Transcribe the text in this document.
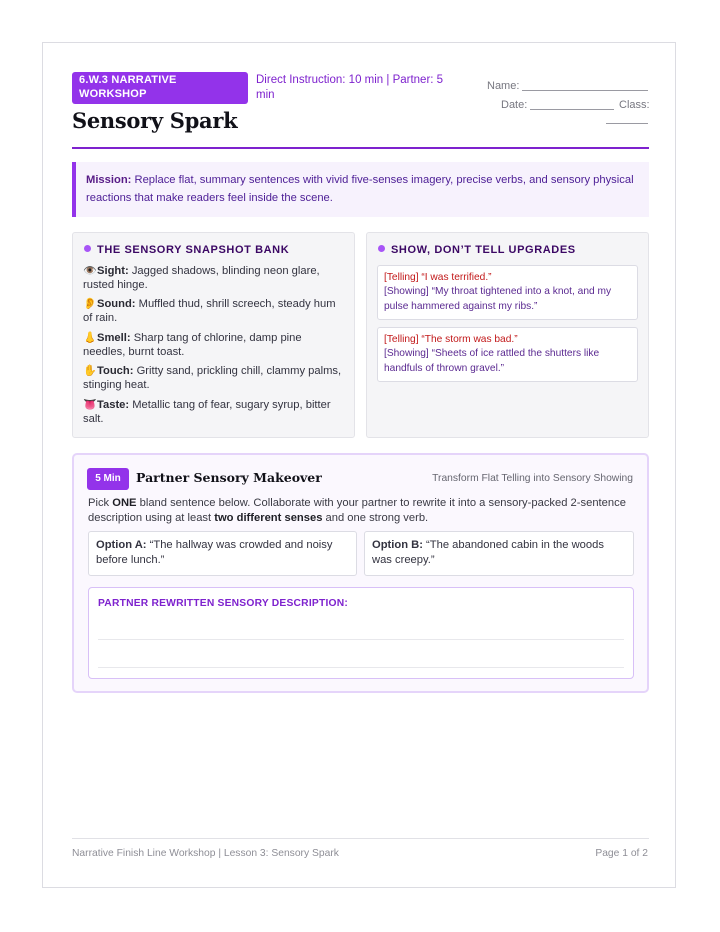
6.W.3 NARRATIVE WORKSHOP
Direct Instruction: 10 min | Partner: 5 min
Sensory Spark
Name:
Date:	Class:
Mission: Replace flat, summary sentences with vivid five-senses imagery, precise verbs, and sensory physical reactions that make readers feel inside the scene.
THE SENSORY SNAPSHOT BANK
👁️Sight: Jagged shadows, blinding neon glare, rusted hinge.
👂Sound: Muffled thud, shrill screech, steady hum of rain.
👃Smell: Sharp tang of chlorine, damp pine needles, burnt toast.
✋Touch: Gritty sand, prickling chill, clammy palms, stinging heat.
👅Taste: Metallic tang of fear, sugary syrup, bitter salt.
SHOW, DON’T TELL UPGRADES
[Telling] “I was terrified.”
[Showing] “My throat tightened into a knot, and my pulse hammered against my ribs.”
[Telling] “The storm was bad.”
[Showing] “Sheets of ice rattled the shutters like handfuls of thrown gravel.”
5 Min	Partner Sensory Makeover	Transform Flat Telling into Sensory Showing
Pick ONE bland sentence below. Collaborate with your partner to rewrite it into a sensory-packed 2-sentence description using at least two different senses and one strong verb.
Option A: “The hallway was crowded and noisy before lunch.”
Option B: “The abandoned cabin in the woods was creepy.”
PARTNER REWRITTEN SENSORY DESCRIPTION:
Narrative Finish Line Workshop | Lesson 3: Sensory Spark	Page 1 of 2
